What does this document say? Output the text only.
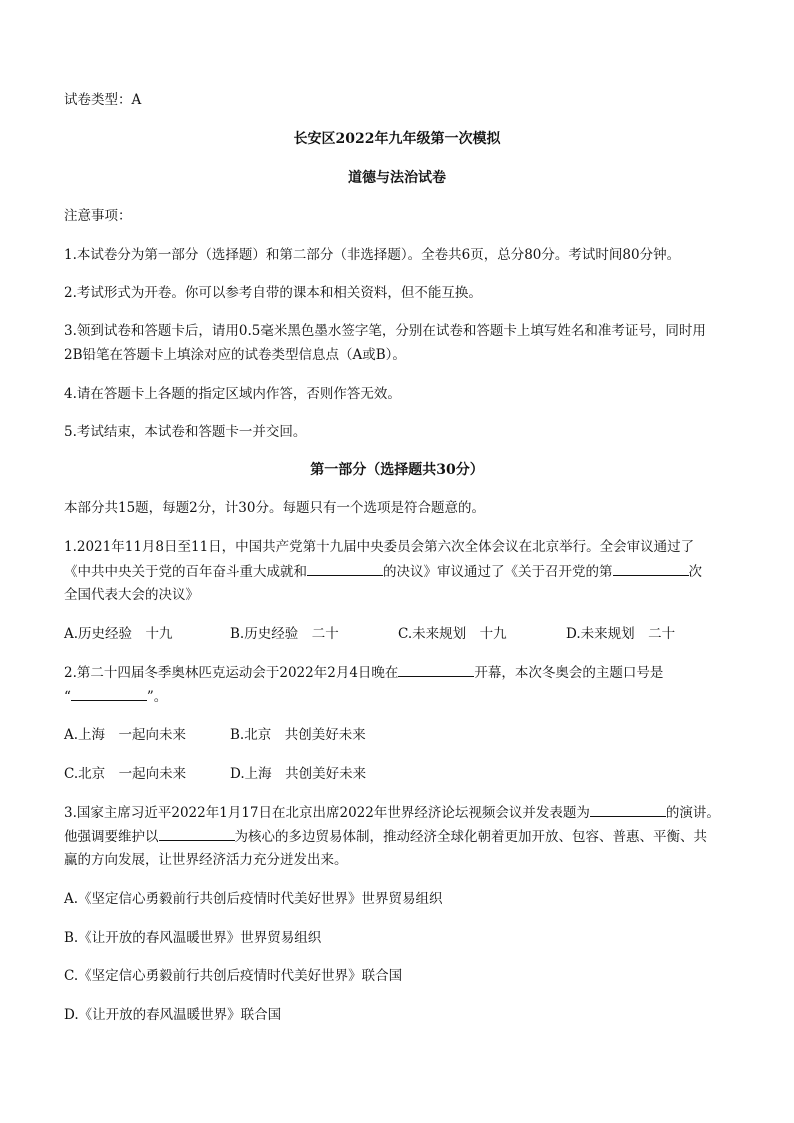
试卷类型：A
长安区2022年九年级第一次模拟
道德与法治试卷
注意事项：
1.本试卷分为第一部分（选择题）和第二部分（非选择题）。全卷共6页，总分80分。考试时间80分钟。
2.考试形式为开卷。你可以参考自带的课本和相关资料，但不能互换。
3.领到试卷和答题卡后，请用0.5毫米黑色墨水签字笔，分别在试卷和答题卡上填写姓名和准考证号，同时用
2B铅笔在答题卡上填涂对应的试卷类型信息点（A或B）。
4.请在答题卡上各题的指定区域内作答，否则作答无效。
5.考试结束，本试卷和答题卡一并交回。
第一部分（选择题共30分）
本部分共15题，每题2分，计30分。每题只有一个选项是符合题意的。
1.2021年11月8日至11日，中国共产党第十九届中央委员会第六次全体会议在北京举行。全会审议通过了
《中共中央关于党的百年奋斗重大成就和	的决议》审议通过了《关于召开党的第	次
全国代表大会的决议》
A.历史经验　十九	B.历史经验　二十	C.未来规划　十九	D.未来规划　二十
2.第二十四届冬季奥林匹克运动会于2022年2月4日晚在	开幕，本次冬奥会的主题口号是
“	”。
A.上海　一起向未来	B.北京　共创美好未来
C.北京　一起向未来	D.上海　共创美好未来
3.国家主席习近平2022年1月17日在北京出席2022年世界经济论坛视频会议并发表题为	的演讲。
他强调要维护以	为核心的多边贸易体制，推动经济全球化朝着更加开放、包容、普惠、平衡、共
赢的方向发展，让世界经济活力充分迸发出来。
A.《坚定信心勇毅前行共创后疫情时代美好世界》世界贸易组织
B.《让开放的春风温暖世界》世界贸易组织
C.《坚定信心勇毅前行共创后疫情时代美好世界》联合国
D.《让开放的春风温暖世界》联合国
